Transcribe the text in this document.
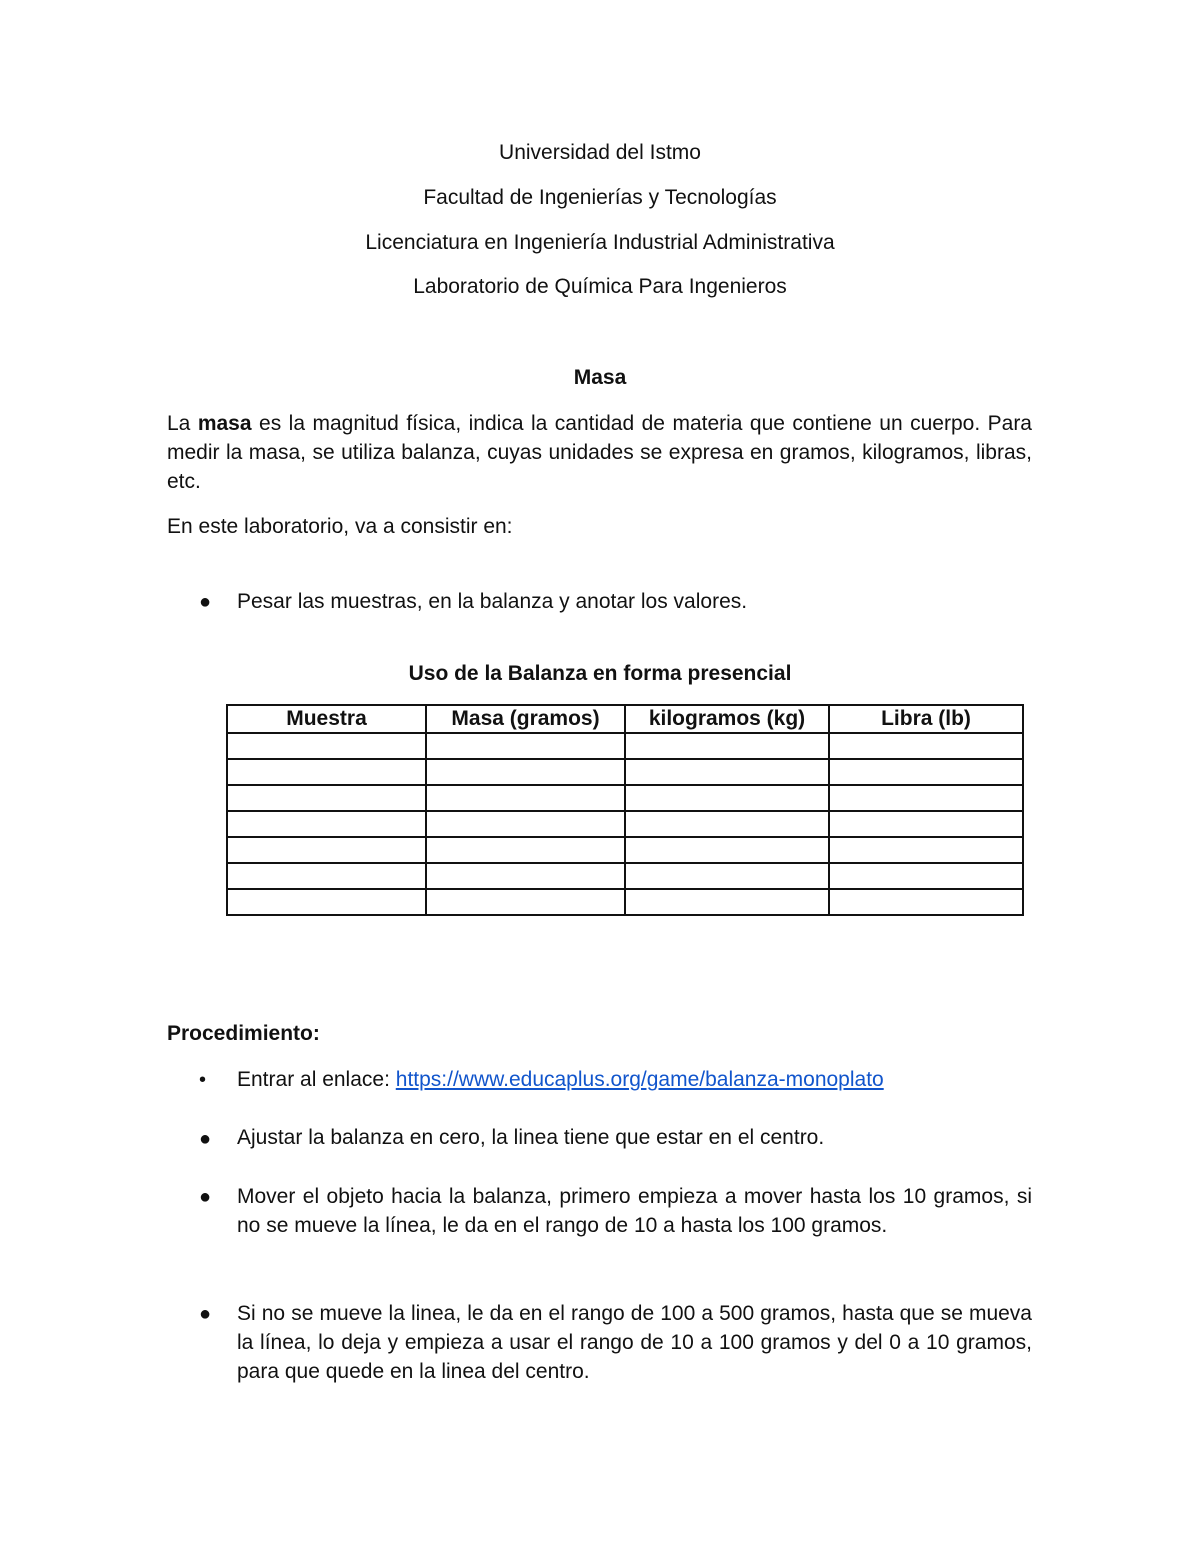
Universidad del Istmo
Facultad de Ingenierías y Tecnologías
Licenciatura en Ingeniería Industrial Administrativa
Laboratorio de Química Para Ingenieros
Masa
La masa es la magnitud física, indica la cantidad de materia que contiene un cuerpo. Para medir la masa, se utiliza balanza, cuyas unidades se expresa en gramos, kilogramos, libras, etc.
En este laboratorio, va a consistir en:
● Pesar las muestras, en la balanza y anotar los valores.
Uso de la Balanza en forma presencial
Muestra	Masa (gramos)	kilogramos (kg)	Libra (lb)

Procedimiento:
• Entrar al enlace: https://www.educaplus.org/game/balanza-monoplato
● Ajustar la balanza en cero, la linea tiene que estar en el centro.
● Mover el objeto hacia la balanza, primero empieza a mover hasta los 10 gramos, si no se mueve la línea, le da en el rango de 10 a hasta los 100 gramos.
● Si no se mueve la linea, le da en el rango de 100 a 500 gramos, hasta que se mueva la línea, lo deja y empieza a usar el rango de 10 a 100 gramos y del 0 a 10 gramos, para que quede en la linea del centro.
